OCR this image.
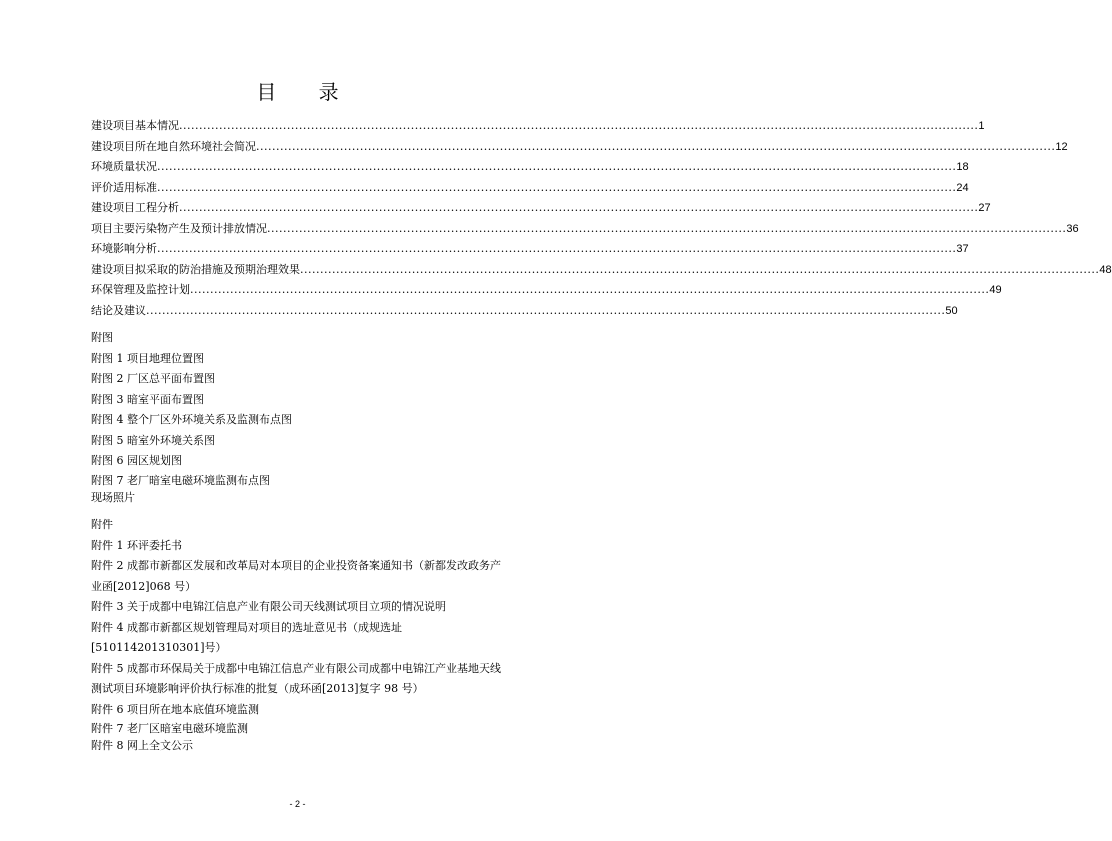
目 录
建设项目基本情况 ........................................................................................................................................................................................................ 1
建设项目所在地自然环境社会简况 ........................................................................................................................................................................................................ 12
环境质量状况 ........................................................................................................................................................................................................ 18
评价适用标准 ........................................................................................................................................................................................................ 24
建设项目工程分析 ........................................................................................................................................................................................................ 27
项目主要污染物产生及预计排放情况 ........................................................................................................................................................................................................ 36
环境影响分析 ........................................................................................................................................................................................................ 37
建设项目拟采取的防治措施及预期治理效果 ........................................................................................................................................................................................................ 48
环保管理及监控计划 ........................................................................................................................................................................................................ 49
结论及建议 ........................................................................................................................................................................................................ 50
附图
附图 1 项目地理位置图
附图 2 厂区总平面布置图
附图 3 暗室平面布置图
附图 4 整个厂区外环境关系及监测布点图
附图 5 暗室外环境关系图
附图 6 园区规划图
附图 7 老厂暗室电磁环境监测布点图
现场照片
附件
附件 1 环评委托书
附件 2 成都市新都区发展和改革局对本项目的企业投资备案通知书（新都发改政务产业函[2012]068 号）
附件 3 关于成都中电锦江信息产业有限公司天线测试项目立项的情况说明
附件 4 成都市新都区规划管理局对项目的选址意见书（成规选址[510114201310301]号）
附件 5 成都市环保局关于成都中电锦江信息产业有限公司成都中电锦江产业基地天线测试项目环境影响评价执行标准的批复（成环函[2013]复字 98 号）
附件 6 项目所在地本底值环境监测
附件 7 老厂区暗室电磁环境监测
附件 8 网上全文公示
- 2 -
